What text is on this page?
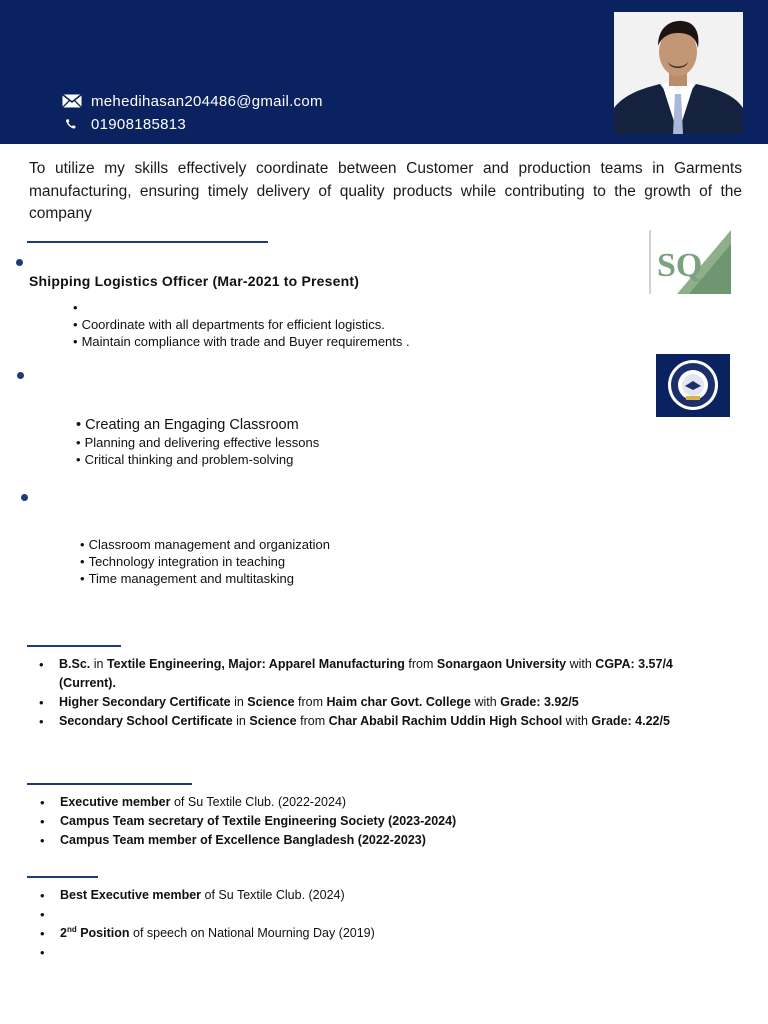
mehedihasan204486@gmail.com
01908185813
To utilize my skills effectively coordinate between Customer and production teams in Garments manufacturing, ensuring timely delivery of quality products while contributing to the growth of the company
Shipping Logistics Officer (Mar-2021 to Present)	SQ
•
• Coordinate with all departments for efficient logistics.
• Maintain compliance with trade and Buyer requirements .
• Creating an Engaging Classroom
• Planning and delivering effective lessons
• Critical thinking and problem-solving
• Classroom management and organization
• Technology integration in teaching
• Time management and multitasking
• B.Sc. in Textile Engineering, Major: Apparel Manufacturing from Sonargaon University with CGPA: 3.57/4 (Current).
• Higher Secondary Certificate in Science from Haim char Govt. College with Grade: 3.92/5
• Secondary School Certificate in Science from Char Ababil Rachim Uddin High School with Grade: 4.22/5
• Executive member of Su Textile Club. (2022-2024)
• Campus Team secretary of Textile Engineering Society (2023-2024)
• Campus Team member of Excellence Bangladesh (2022-2023)
• Best Executive member of Su Textile Club. (2024)
•
• 2nd Position of speech on National Mourning Day (2019)
•
